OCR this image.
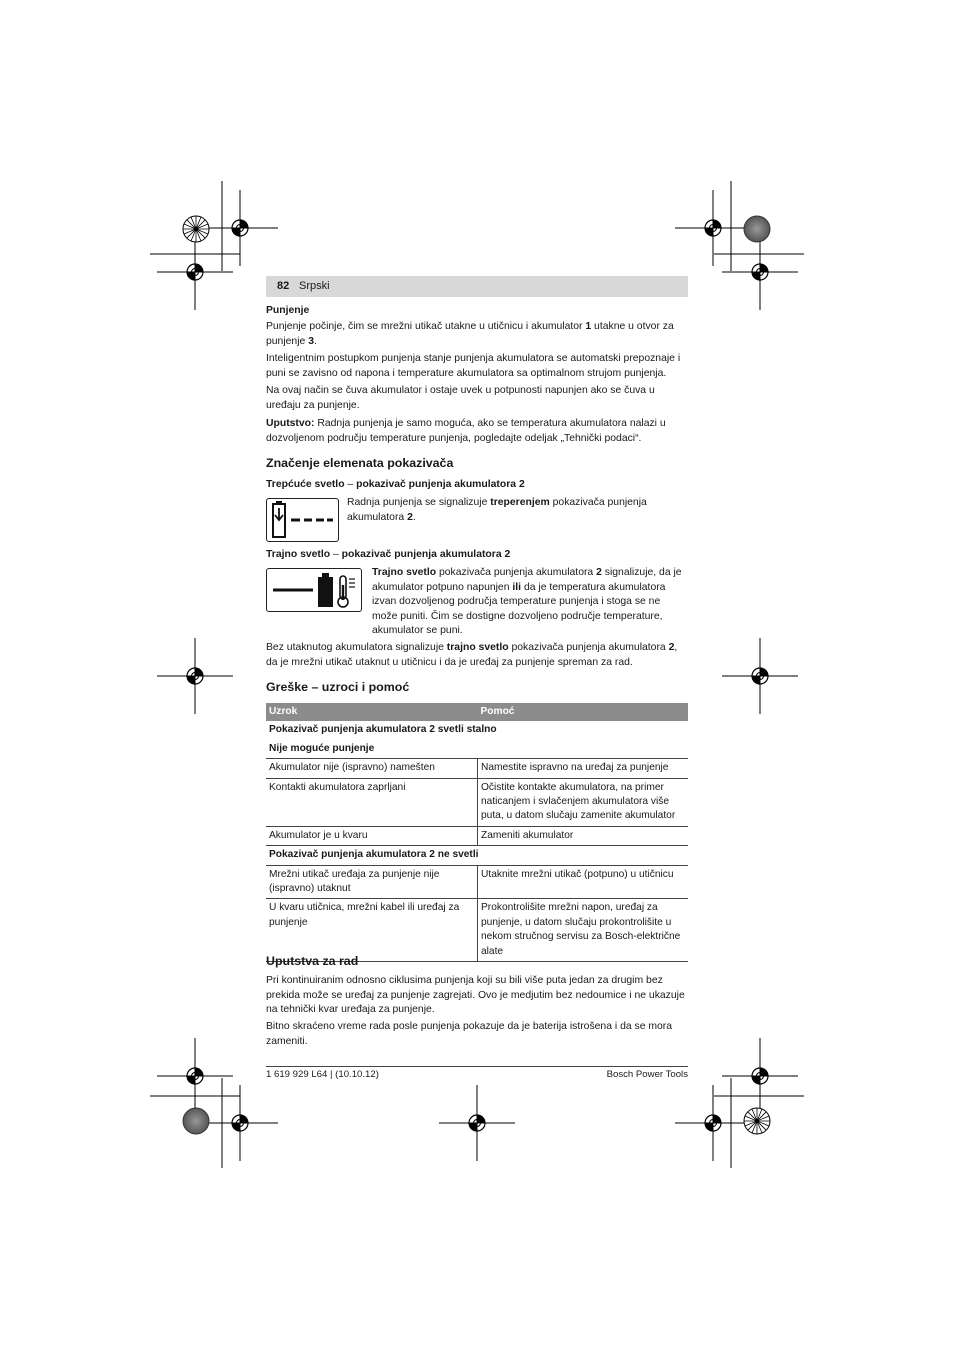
82 Srpski
Punjenje

Punjenje počinje, čim se mrežni utikač utakne u utičnicu i akumulator 1 utakne u otvor za punjenje 3.

Inteligentnim postupkom punjenja stanje punjenja akumulatora se automatski prepoznaje i puni se zavisno od napona i temperature akumulatora sa optimalnom strujom punjenja.

Na ovaj način se čuva akumulator i ostaje uvek u potpunosti napunjen ako se čuva u uređaju za punjenje.

Uputstvo: Radnja punjenja je samo moguća, ako se temperatura akumulatora nalazi u dozvoljenom području temperature punjenja, pogledajte odeljak „Tehnički podaci“.

Značenje elemenata pokazivača
Trepćuće svetlo – pokazivač punjenja akumulatora 2

Radnja punjenja se signalizuje treperenjem pokazivača punjenja akumulatora 2.

Trajno svetlo – pokazivač punjenja akumulatora 2

Trajno svetlo pokazivača punjenja akumulatora 2 signalizuje, da je akumulator potpuno napunjen ili da je temperatura akumulatora izvan dozvoljenog područja temperature punjenja i stoga se ne može puniti. Čim se dostigne dozvoljeno područje temperature, akumulator se puni.

Bez utaknutog akumulatora signalizuje trajno svetlo pokazivača punjenja akumulatora 2, da je mrežni utikač utaknut u utičnicu i da je uređaj za punjenje spreman za rad.

Greške – uzroci i pomoć
Uzrok	Pomoć
Pokazivač punjenja akumulatora 2 svetli stalno	
Nije moguće punjenje	
Akumulator nije (ispravno) namešten	Namestite ispravno na uređaj za punjenje
Kontakti akumulatora zaprljani	Očistite kontakte akumulatora, na primer naticanjem i svlačenjem akumulatora više puta, u datom slučaju zamenite akumulator
Akumulator je u kvaru	Zameniti akumulator
Pokazivač punjenja akumulatora 2 ne svetli	
Mrežni utikač uređaja za punjenje nije (ispravno) utaknut	Utaknite mrežni utikač (potpuno) u utičnicu
U kvaru utičnica, mrežni kabel ili uređaj za punjenje	Prokontrolišite mrežni napon, uređaj za punjenje, u datom slučaju prokontrolišite u nekom stručnog servisu za Bosch-električne alate
Uputstva za rad

Pri kontinuiranim odnosno ciklusima punjenja koji su bili više puta jedan za drugim bez prekida može se uređaj za punjenje zagrejati. Ovo je medjutim bez nedoumice i ne ukazuje na tehnički kvar uređaja za punjenje.

Bitno skraćeno vreme rada posle punjenja pokazuje da je baterija istrošena i da se mora zameniti.

1 619 929 L64 | (10.10.12)	Bosch Power Tools
